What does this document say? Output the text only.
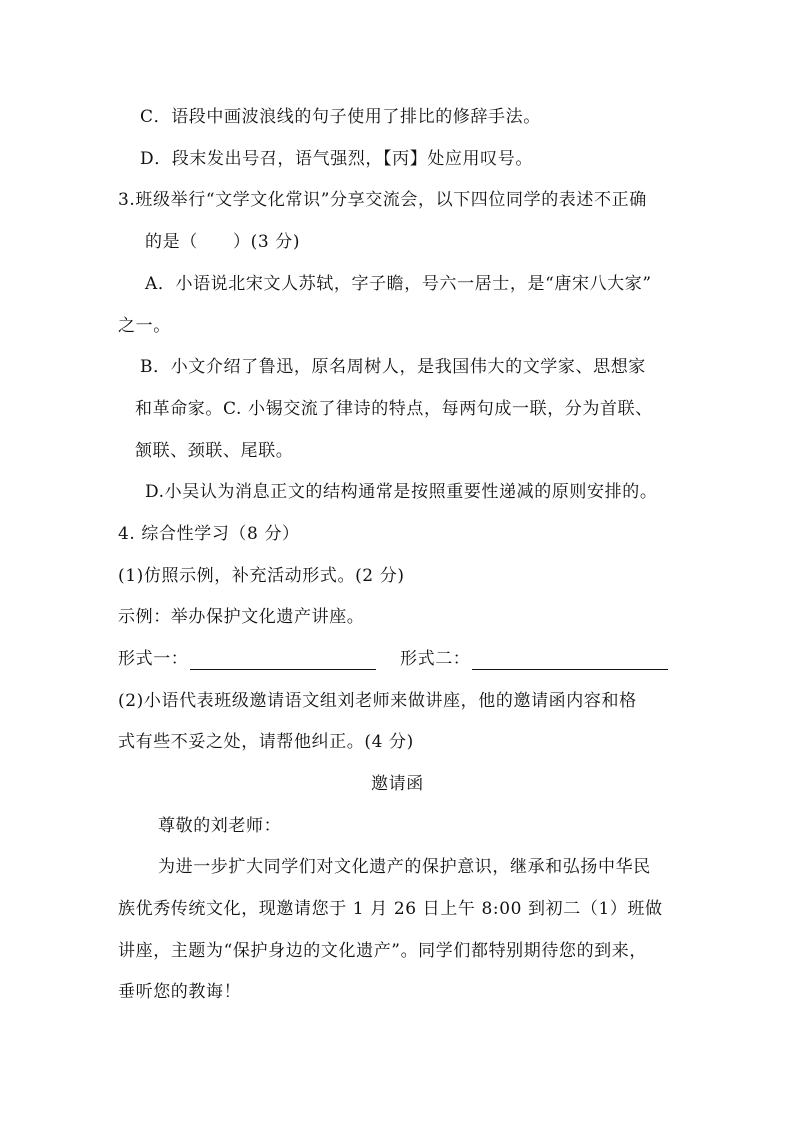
C．语段中画波浪线的句子使用了排比的修辞手法。
D．段末发出号召，语气强烈，【丙】处应用叹号。
3.班级举行“文学文化常识”分享交流会，以下四位同学的表述不正确
的是（　　）(3 分)
A．小语说北宋文人苏轼，字子瞻，号六一居士，是“唐宋八大家”
之一。
B．小文介绍了鲁迅，原名周树人，是我国伟大的文学家、思想家
和革命家。C. 小锡交流了律诗的特点，每两句成一联，分为首联、
颔联、颈联、尾联。
D.小吴认为消息正文的结构通常是按照重要性递减的原则安排的。
4. 综合性学习（8 分）
(1)仿照示例，补充活动形式。(2 分)
示例：举办保护文化遗产讲座。
形式一：	形式二：
(2)小语代表班级邀请语文组刘老师来做讲座，他的邀请函内容和格
式有些不妥之处，请帮他纠正。(4 分)
邀请函
尊敬的刘老师：
为进一步扩大同学们对文化遗产的保护意识，继承和弘扬中华民
族优秀传统文化，现邀请您于 1 月 26 日上午 8:00 到初二（1）班做
讲座，主题为“保护身边的文化遗产”。同学们都特别期待您的到来，
垂听您的教诲！
